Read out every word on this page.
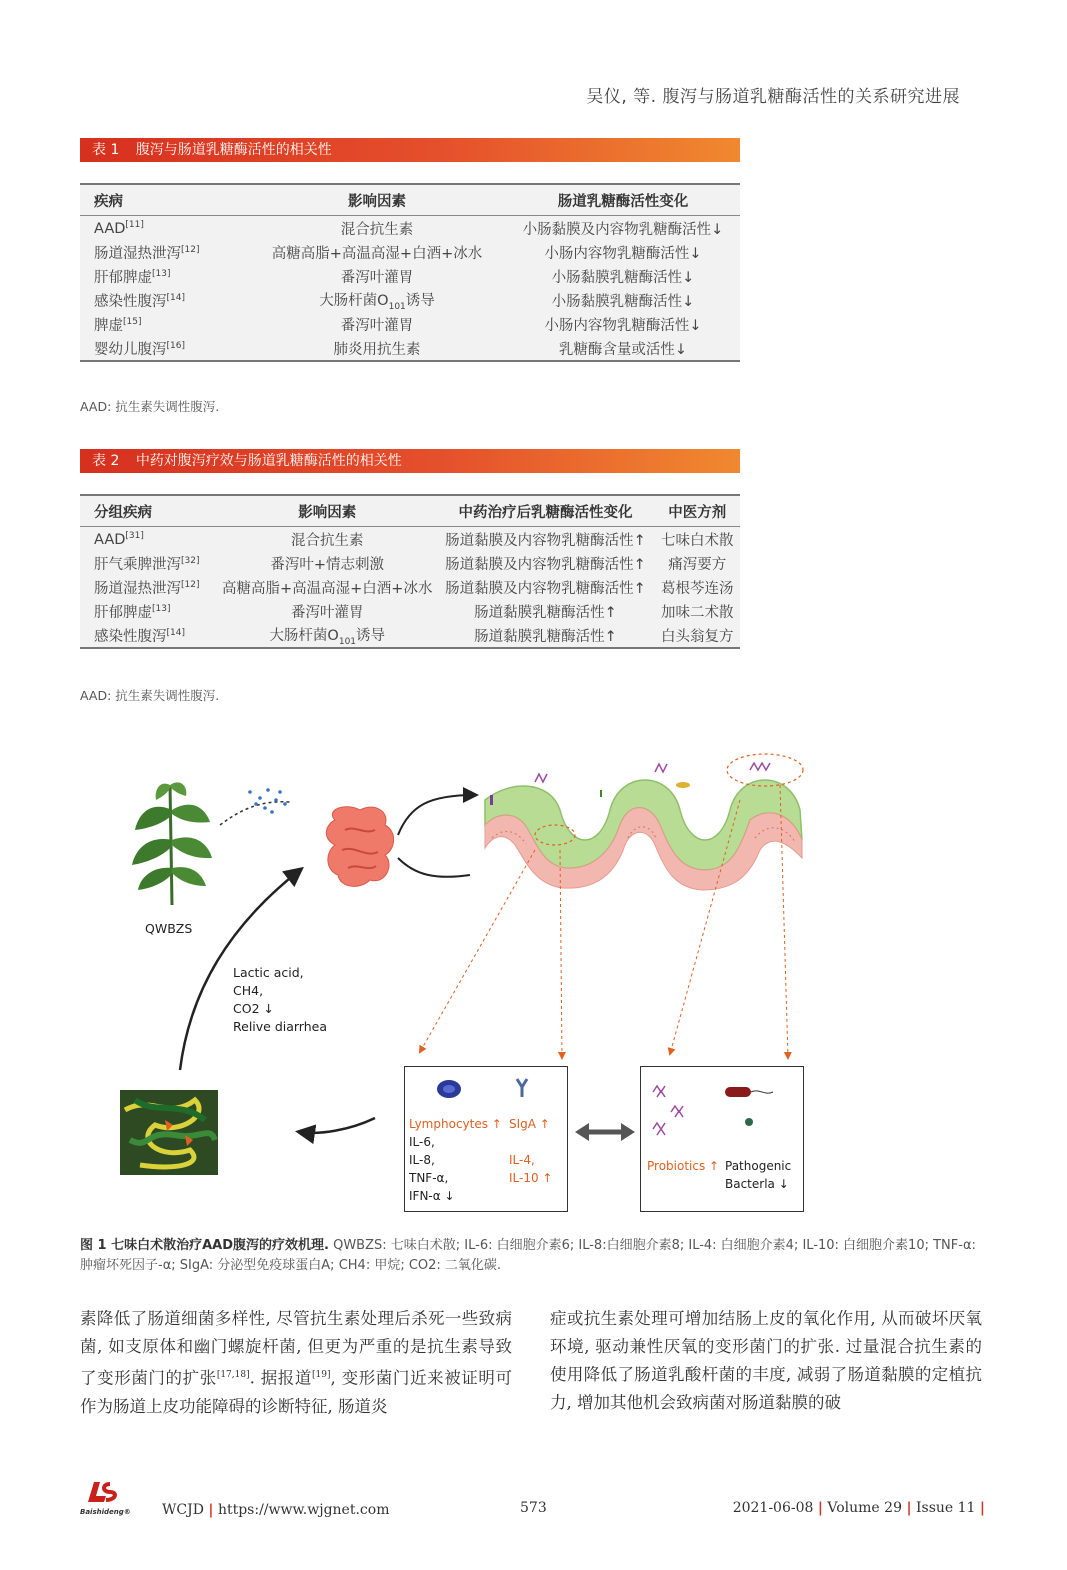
吴仪, 等. 腹泻与肠道乳糖酶活性的关系研究进展
表 1 腹泻与肠道乳糖酶活性的相关性
疾病	影响因素	肠道乳糖酶活性变化
AAD[11]	混合抗生素	小肠黏膜及内容物乳糖酶活性↓
肠道湿热泄泻[12]	高糖高脂+高温高湿+白酒+冰水	小肠内容物乳糖酶活性↓
肝郁脾虚[13]	番泻叶灌胃	小肠黏膜乳糖酶活性↓
感染性腹泻[14]	大肠杆菌$O_{101}$诱导	小肠黏膜乳糖酶活性↓
脾虚[15]	番泻叶灌胃	小肠内容物乳糖酶活性↓
婴幼儿腹泻[16]	肺炎用抗生素	乳糖酶含量或活性↓
AAD: 抗生素失调性腹泻.
表 2 中药对腹泻疗效与肠道乳糖酶活性的相关性
分组疾病	影响因素	中药治疗后乳糖酶活性变化	中医方剂
AAD[31]	混合抗生素	肠道黏膜及内容物乳糖酶活性↑	七味白术散
肝气乘脾泄泻[32]	番泻叶+情志刺激	肠道黏膜及内容物乳糖酶活性↑	痛泻要方
肠道湿热泄泻[12]	高糖高脂+高温高湿+白酒+冰水	肠道黏膜及内容物乳糖酶活性↑	葛根芩连汤
肝郁脾虚[13]	番泻叶灌胃	肠道黏膜乳糖酶活性↑	加味二术散
感染性腹泻[14]	大肠杆菌$O_{101}$诱导	肠道黏膜乳糖酶活性↑	白头翁复方
AAD: 抗生素失调性腹泻.
QWBZS
Lactic acid,
CH4,
CO2 ↓
Relive diarrhea
Lymphocytes ↑
IL-6,
IL-8,
TNF-α,
IFN-α ↓
SIgA ↑
IL-4,
IL-10 ↑
Probiotics ↑ Pathogenic
Bacterla ↓
图 1 七味白术散治疗AAD腹泻的疗效机理. QWBZS: 七味白术散; IL-6: 白细胞介素6; IL-8:白细胞介素8; IL-4: 白细胞介素4; IL-10: 白细胞介素10; TNF-α: 肿瘤坏死因子-α; SIgA: 分泌型免疫球蛋白A; CH4: 甲烷; CO2: 二氧化碳.
素降低了肠道细菌多样性, 尽管抗生素处理后杀死一些致病菌, 如支原体和幽门螺旋杆菌, 但更为严重的是抗生素导致了变形菌门的扩张[17,18]. 据报道[19], 变形菌门近来被证明可作为肠道上皮功能障碍的诊断特征, 肠道炎
症或抗生素处理可增加结肠上皮的氧化作用, 从而破坏厌氧环境, 驱动兼性厌氧的变形菌门的扩张. 过量混合抗生素的使用降低了肠道乳酸杆菌的丰度, 减弱了肠道黏膜的定植抗力, 增加其他机会致病菌对肠道黏膜的破
Baishideng®	WCJD | https://www.wjgnet.com	573	2021-06-08 | Volume 29 | Issue 11 |
